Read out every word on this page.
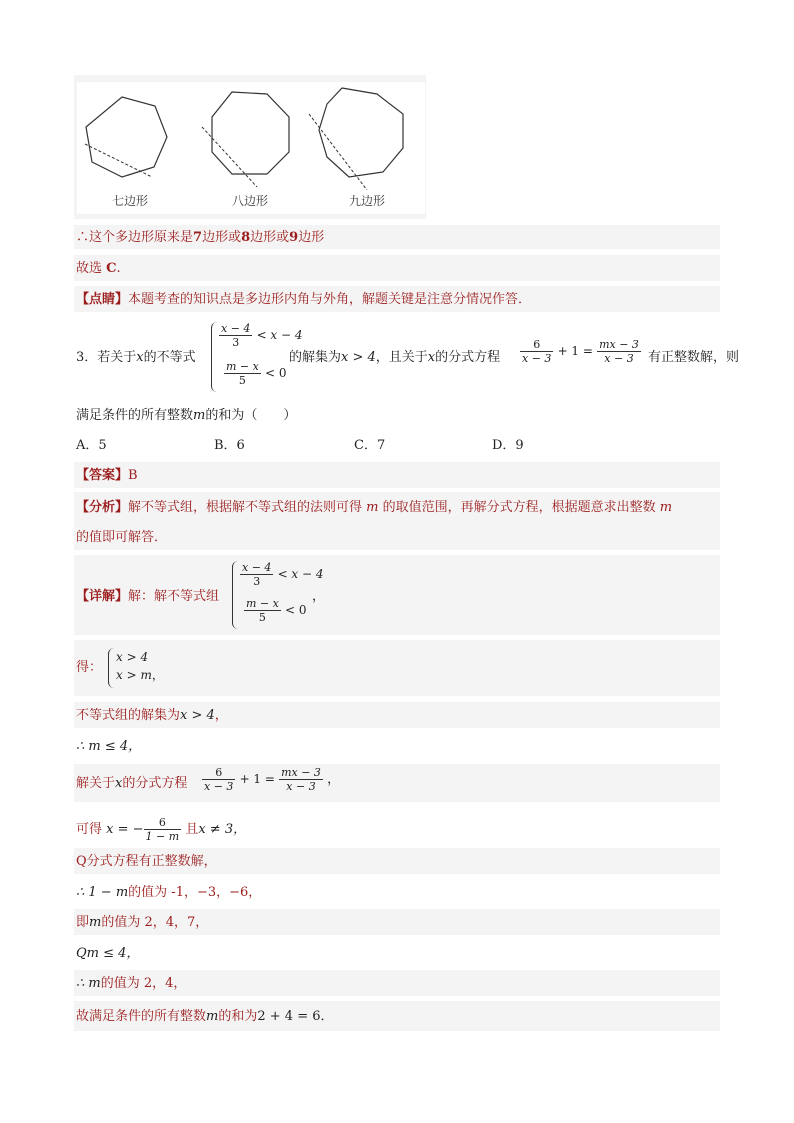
七边形	八边形	九边形
∴这个多边形原来是7边形或8边形或9边形
故选 C.
【点睛】本题考查的知识点是多边形内角与外角，解题关键是注意分情况作答．
3．若关于x的不等式
$\frac{x - 4}{3} < x - 4$
$\frac{m - x}{5} < 0$
的解集为x > 4，且关于x的分式方程 $\frac{6}{x - 3} + 1 = \frac{mx - 3}{x - 3}$ 有正整数解，则
满足条件的所有整数m的和为（　　）
A．5	B．6	C．7	D．9
【答案】B
【分析】解不等式组，根据解不等式组的法则可得 m 的取值范围，再解分式方程，根据题意求出整数 m
的值即可解答．
【详解】解：解不等式组
$\frac{x - 4}{3} < x - 4$
$\frac{m - x}{5} < 0$
，
得：
x > 4
x > m，
不等式组的解集为x > 4，
∴ m ≤ 4，
解关于x的分式方程 $\frac{6}{x - 3} + 1 = \frac{mx - 3}{x - 3}$ ，
可得 x = − $\frac{6}{1 - m}$ 且x ≠ 3，
Q分式方程有正整数解，
∴ 1 − m的值为 -1，−3，−6，
即m的值为 2，4，7，
Qm ≤ 4，
∴ m的值为 2，4，
故满足条件的所有整数m的和为2 + 4 = 6．
